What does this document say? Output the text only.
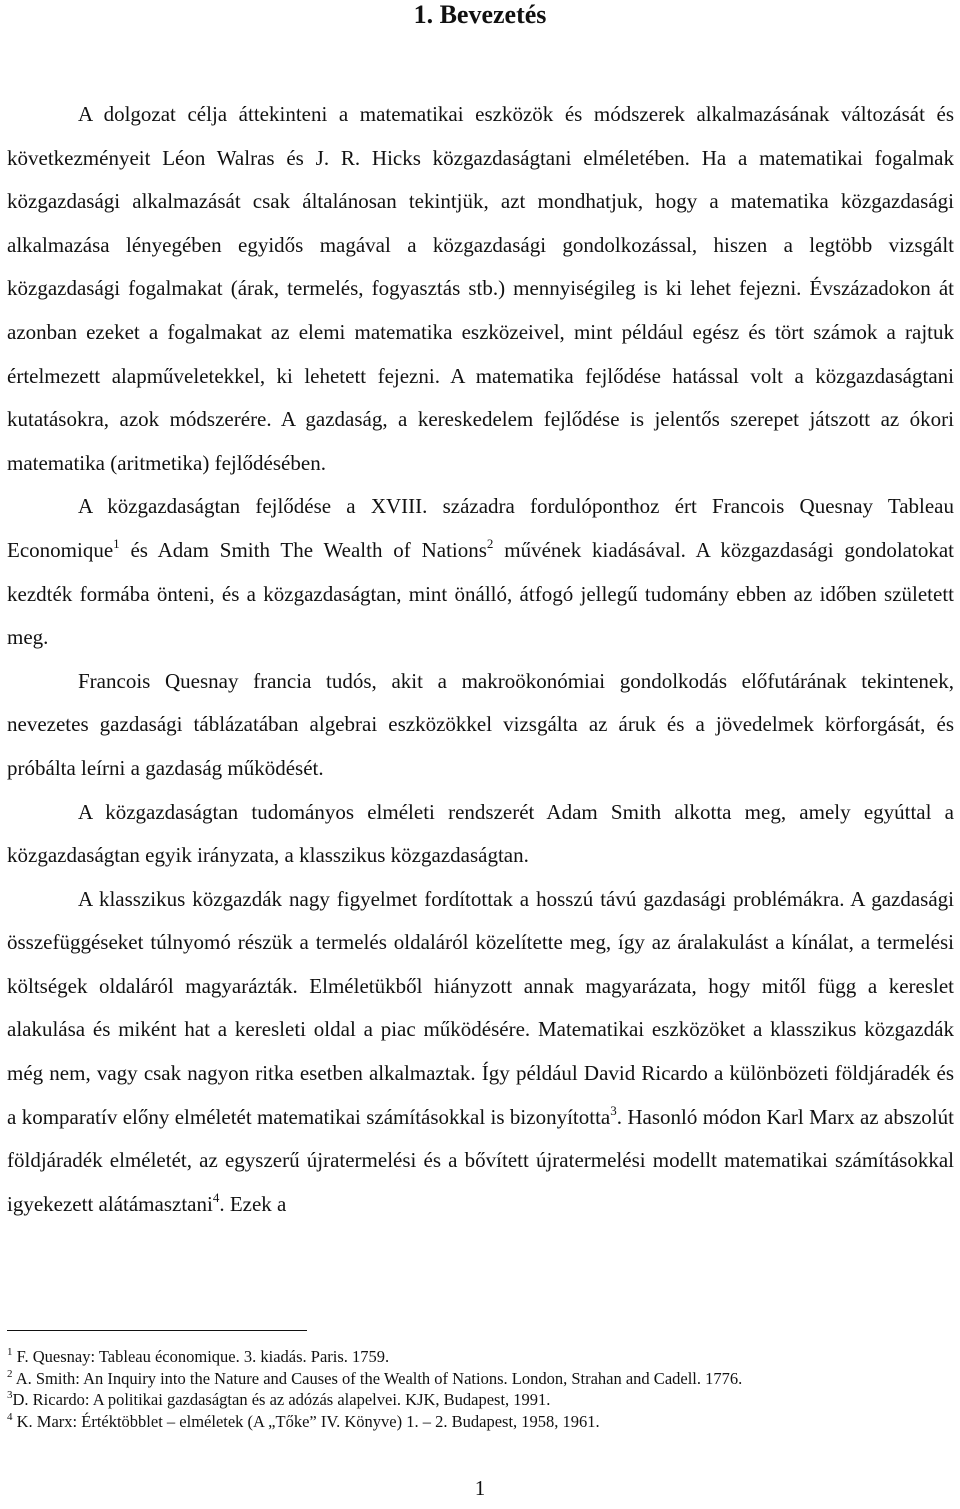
1. Bevezetés

A dolgozat célja áttekinteni a matematikai eszközök és módszerek alkalmazásának változását és következményeit Léon Walras és J. R. Hicks közgazdaságtani elméletében. Ha a matematikai fogalmak közgazdasági alkalmazását csak általánosan tekintjük, azt mondhatjuk, hogy a matematika közgazdasági alkalmazása lényegében egyidős magával a közgazdasági gondolkozással, hiszen a legtöbb vizsgált közgazdasági fogalmakat (árak, termelés, fogyasztás stb.) mennyiségileg is ki lehet fejezni. Évszázadokon át azonban ezeket a fogalmakat az elemi matematika eszközeivel, mint például egész és tört számok a rajtuk értelmezett alapműveletekkel, ki lehetett fejezni. A matematika fejlődése hatással volt a közgazdaságtani kutatásokra, azok módszerére. A gazdaság, a kereskedelem fejlődése is jelentős szerepet játszott az ókori matematika (aritmetika) fejlődésében.

A közgazdaságtan fejlődése a XVIII. századra fordulóponthoz ért Francois Quesnay Tableau Economique$^1$ és Adam Smith The Wealth of Nations$^2$ művének kiadásával. A közgazdasági gondolatokat kezdték formába önteni, és a közgazdaságtan, mint önálló, átfogó jellegű tudomány ebben az időben született meg.

Francois Quesnay francia tudós, akit a makroökonómiai gondolkodás előfutárának tekintenek, nevezetes gazdasági táblázatában algebrai eszközökkel vizsgálta az áruk és a jövedelmek körforgását, és próbálta leírni a gazdaság működését.

A közgazdaságtan tudományos elméleti rendszerét Adam Smith alkotta meg, amely egyúttal a közgazdaságtan egyik irányzata, a klasszikus közgazdaságtan.

A klasszikus közgazdák nagy figyelmet fordítottak a hosszú távú gazdasági problémákra. A gazdasági összefüggéseket túlnyomó részük a termelés oldaláról közelítette meg, így az áralakulást a kínálat, a termelési költségek oldaláról magyarázták. Elméletükből hiányzott annak magyarázata, hogy mitől függ a kereslet alakulása és miként hat a keresleti oldal a piac működésére. Matematikai eszközöket a klasszikus közgazdák még nem, vagy csak nagyon ritka esetben alkalmaztak. Így például David Ricardo a különbözeti földjáradék és a komparatív előny elméletét matematikai számításokkal is bizonyította$^3$. Hasonló módon Karl Marx az abszolút földjáradék elméletét, az egyszerű újratermelési és a bővített újratermelési modellt matematikai számításokkal igyekezett alátámasztani$^4$. Ezek a

$^1$ F. Quesnay: Tableau économique. 3. kiadás. Paris. 1759.

$^2$ A. Smith: An Inquiry into the Nature and Causes of the Wealth of Nations. London, Strahan and Cadell. 1776.

$^3$D. Ricardo: A politikai gazdaságtan és az adózás alapelvei. KJK, Budapest, 1991.

$^4$ K. Marx: Értéktöbblet – elméletek (A „Tőke” IV. Könyve) 1. – 2. Budapest, 1958, 1961.

1
